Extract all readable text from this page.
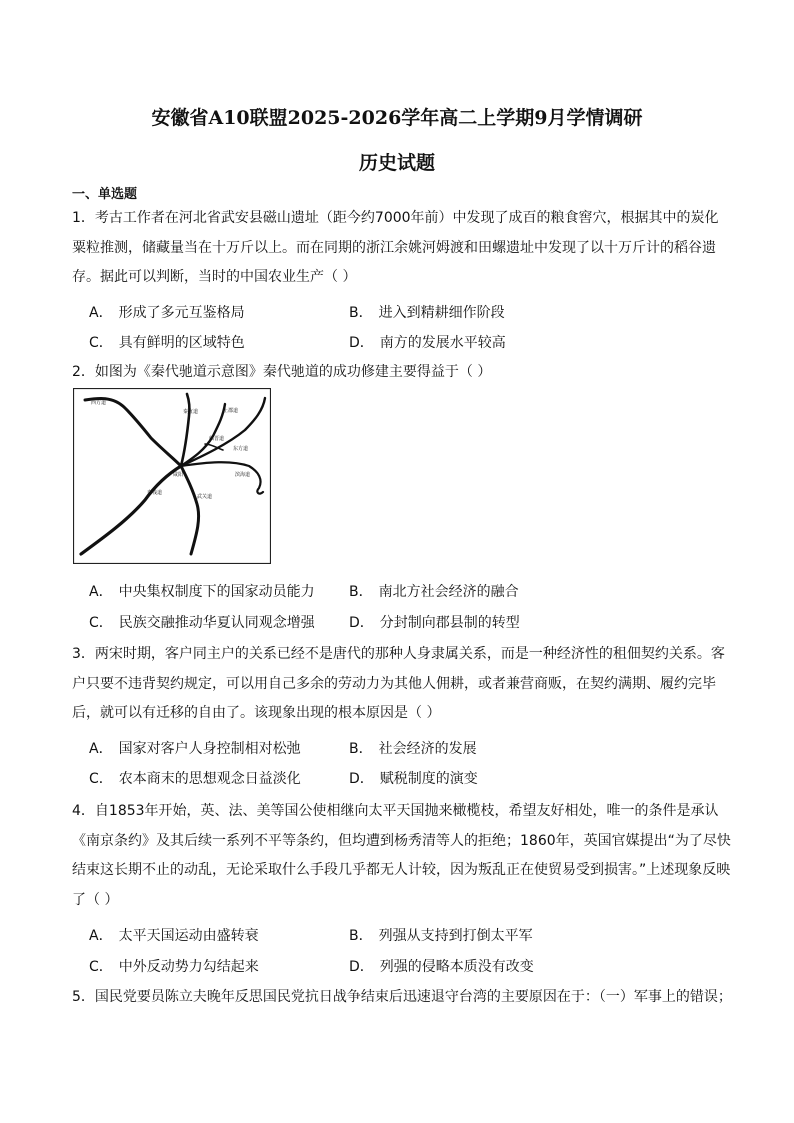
安徽省A10联盟2025-2026学年高二上学期9月学情调研
历史试题
一、单选题
1．考古工作者在河北省武安县磁山遗址（距今约7000年前）中发现了成百的粮食窖穴，根据其中的炭化粟粒推测，储藏量当在十万斤以上。而在同期的浙江余姚河姆渡和田螺遗址中发现了以十万斤计的稻谷遗存。据此可以判断，当时的中国农业生产（ ）
A． 形成了多元互鉴格局	B． 进入到精耕细作阶段
C． 具有鲜明的区域特色	D． 南方的发展水平较高
2．如图为《秦代驰道示意图》秦代驰道的成功修建主要得益于（ ）
西方道
秦直道	上郡道
临晋道
东方道
滨海道
秦栈道
咸阳
武关道
A． 中央集权制度下的国家动员能力 B． 南北方社会经济的融合
C． 民族交融推动华夏认同观念增强 D． 分封制向郡县制的转型
3．两宋时期，客户同主户的关系已经不是唐代的那种人身隶属关系，而是一种经济性的租佃契约关系。客户只要不违背契约规定，可以用自己多余的劳动力为其他人佣耕，或者兼营商贩，在契约满期、履约完毕后，就可以有迁移的自由了。该现象出现的根本原因是（ ）
A． 国家对客户人身控制相对松弛	B． 社会经济的发展
C． 农本商末的思想观念日益淡化	D． 赋税制度的演变
4．自1853年开始，英、法、美等国公使相继向太平天国抛来橄榄枝，希望友好相处，唯一的条件是承认《南京条约》及其后续一系列不平等条约，但均遭到杨秀清等人的拒绝；1860年，英国官媒提出“为了尽快结束这长期不止的动乱，无论采取什么手段几乎都无人计较，因为叛乱正在使贸易受到损害。”上述现象反映了（ ）
A． 太平天国运动由盛转衰	B． 列强从支持到打倒太平军
C． 中外反动势力勾结起来	D． 列强的侵略本质没有改变
5．国民党要员陈立夫晚年反思国民党抗日战争结束后迅速退守台湾的主要原因在于：（一）军事上的错误；
